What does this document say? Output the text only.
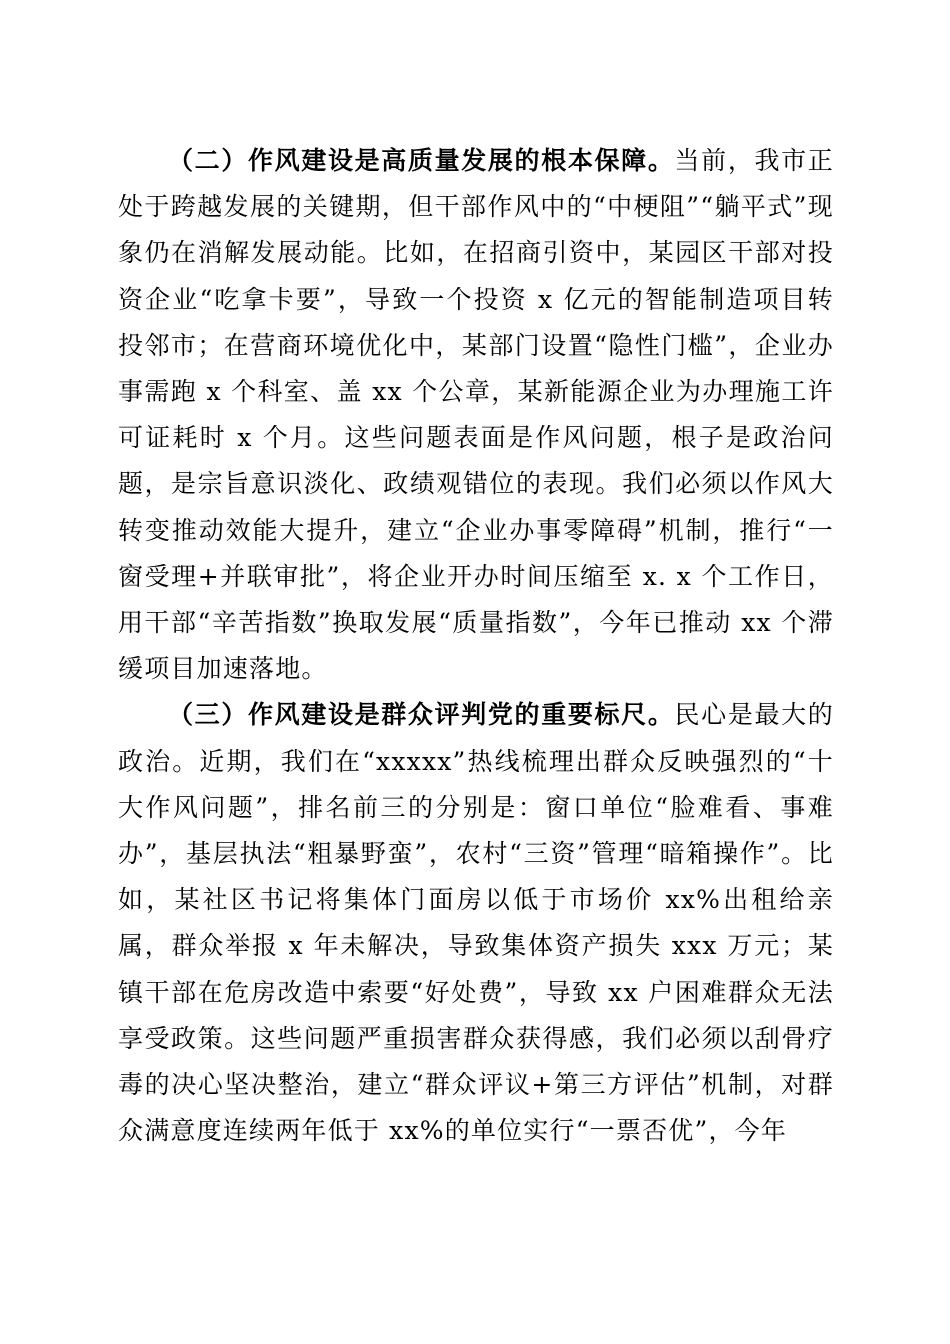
（二）作风建设是高质量发展的根本保障。当前，我市正处于跨越发展的关键期，但干部作风中的“中梗阻”“躺平式”现象仍在消解发展动能。比如，在招商引资中，某园区干部对投资企业“吃拿卡要”，导致一个投资 x 亿元的智能制造项目转投邻市；在营商环境优化中，某部门设置“隐性门槛”，企业办事需跑 x 个科室、盖 xx 个公章，某新能源企业为办理施工许可证耗时 x 个月。这些问题表面是作风问题，根子是政治问题，是宗旨意识淡化、政绩观错位的表现。我们必须以作风大转变推动效能大提升，建立“企业办事零障碍”机制，推行“一窗受理+并联审批”，将企业开办时间压缩至 x. x 个工作日，用干部“辛苦指数”换取发展“质量指数”，今年已推动 xx 个滞缓项目加速落地。

（三）作风建设是群众评判党的重要标尺。民心是最大的政治。近期，我们在“xxxxx”热线梳理出群众反映强烈的“十大作风问题”，排名前三的分别是：窗口单位“脸难看、事难办”，基层执法“粗暴野蛮”，农村“三资”管理“暗箱操作”。比如，某社区书记将集体门面房以低于市场价 xx%出租给亲属，群众举报 x 年未解决，导致集体资产损失 xxx 万元；某镇干部在危房改造中索要“好处费”，导致 xx 户困难群众无法享受政策。这些问题严重损害群众获得感，我们必须以刮骨疗毒的决心坚决整治，建立“群众评议+第三方评估”机制，对群众满意度连续两年低于 xx%的单位实行“一票否优”，今年
